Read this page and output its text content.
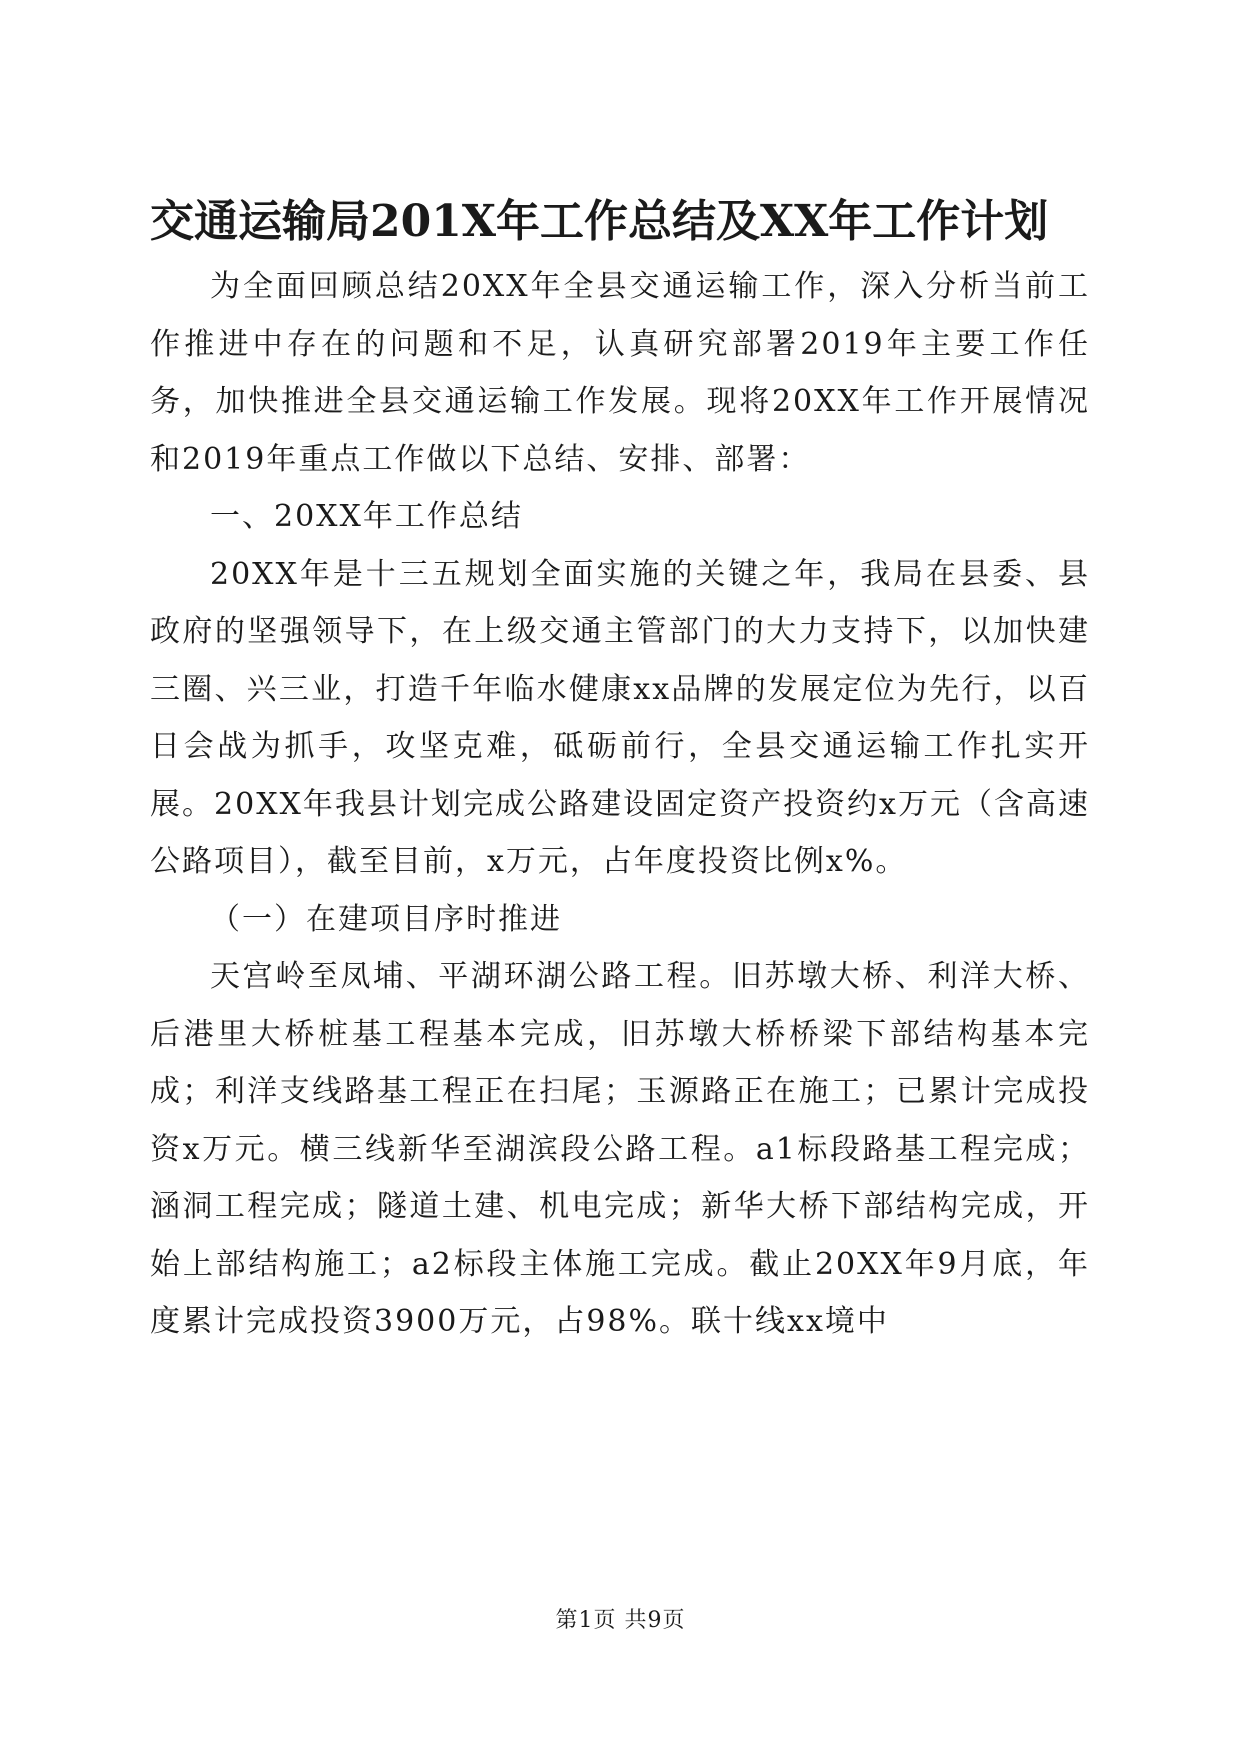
交通运输局201X年工作总结及XX年工作计划

为全面回顾总结20XX年全县交通运输工作，深入分析当前工作推进中存在的问题和不足，认真研究部署2019年主要工作任务，加快推进全县交通运输工作发展。现将20XX年工作开展情况和2019年重点工作做以下总结、安排、部署：

一、20XX年工作总结

20XX年是十三五规划全面实施的关键之年，我局在县委、县政府的坚强领导下，在上级交通主管部门的大力支持下，以加快建三圈、兴三业，打造千年临水健康xx品牌的发展定位为先行，以百日会战为抓手，攻坚克难，砥砺前行，全县交通运输工作扎实开展。20XX年我县计划完成公路建设固定资产投资约x万元（含高速公路项目），截至目前，x万元，占年度投资比例x%。

（一）在建项目序时推进

天宫岭至凤埔、平湖环湖公路工程。旧苏墩大桥、利洋大桥、后港里大桥桩基工程基本完成，旧苏墩大桥桥梁下部结构基本完成；利洋支线路基工程正在扫尾；玉源路正在施工；已累计完成投资x万元。横三线新华至湖滨段公路工程。a1标段路基工程完成；涵洞工程完成；隧道土建、机电完成；新华大桥下部结构完成，开始上部结构施工；a2标段主体施工完成。截止20XX年9月底，年度累计完成投资3900万元，占98%。联十线xx境中

第1页 共9页
